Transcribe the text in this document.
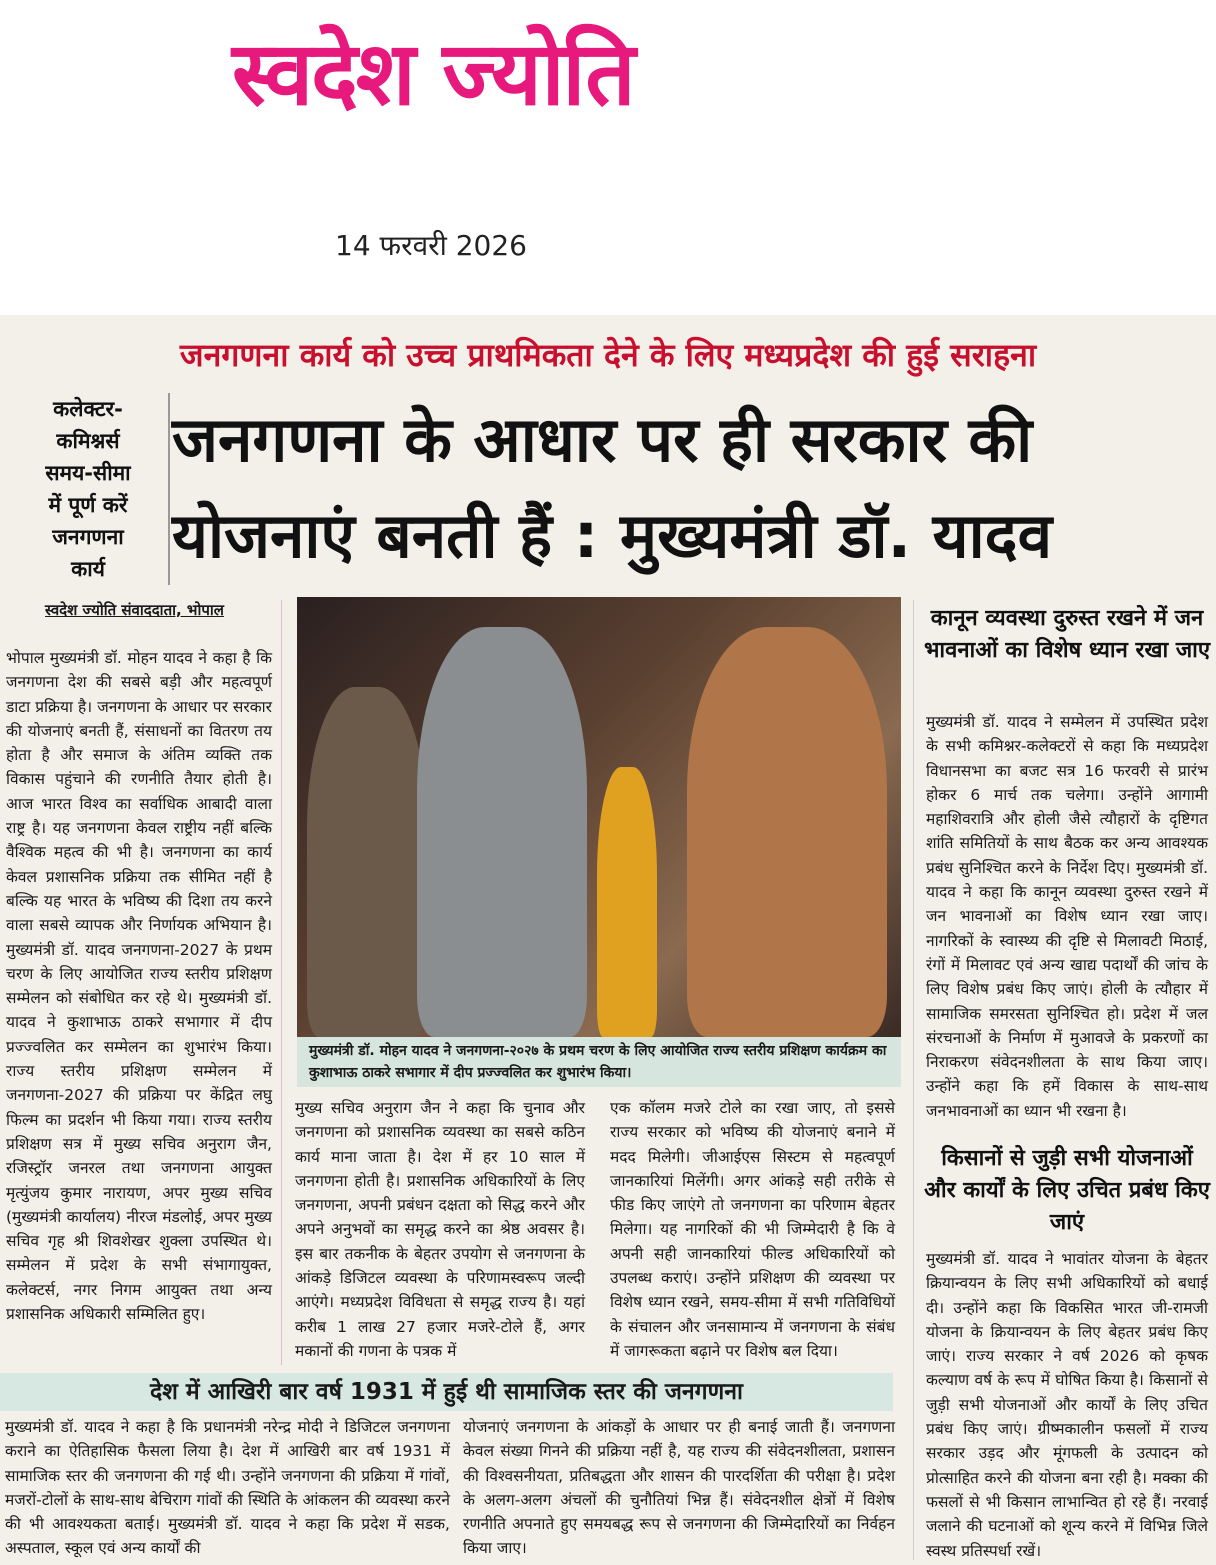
स्वदेश ज्योति
14 फरवरी 2026
जनगणना कार्य को उच्च प्राथमिकता देने के लिए मध्यप्रदेश की हुई सराहना
कलेक्टर-
कमिश्नर्स
समय-सीमा
में पूर्ण करें
जनगणना
कार्य
जनगणना के आधार पर ही सरकार की
योजनाएं बनती हैं : मुख्यमंत्री डॉ. यादव
स्वदेश ज्योति संवाददाता, भोपाल
भोपाल मुख्यमंत्री डॉ. मोहन यादव ने कहा है कि जनगणना देश की सबसे बड़ी और महत्वपूर्ण डाटा प्रक्रिया है। जनगणना के आधार पर सरकार की योजनाएं बनती हैं, संसाधनों का वितरण तय होता है और समाज के अंतिम व्यक्ति तक विकास पहुंचाने की रणनीति तैयार होती है। आज भारत विश्व का सर्वाधिक आबादी वाला राष्ट्र है। यह जनगणना केवल राष्ट्रीय नहीं बल्कि वैश्विक महत्व की भी है। जनगणना का कार्य केवल प्रशासनिक प्रक्रिया तक सीमित नहीं है बल्कि यह भारत के भविष्य की दिशा तय करने वाला सबसे व्यापक और निर्णायक अभियान है। मुख्यमंत्री डॉ. यादव जनगणना-2027 के प्रथम चरण के लिए आयोजित राज्य स्तरीय प्रशिक्षण सम्मेलन को संबोधित कर रहे थे। मुख्यमंत्री डॉ. यादव ने कुशाभाऊ ठाकरे सभागार में दीप प्रज्ज्वलित कर सम्मेलन का शुभारंभ किया। राज्य स्तरीय प्रशिक्षण सम्मेलन में जनगणना-2027 की प्रक्रिया पर केंद्रित लघु फिल्म का प्रदर्शन भी किया गया। राज्य स्तरीय प्रशिक्षण सत्र में मुख्य सचिव अनुराग जैन, रजिस्ट्रॉर जनरल तथा जनगणना आयुक्त मृत्युंजय कुमार नारायण, अपर मुख्य सचिव (मुख्यमंत्री कार्यालय) नीरज मंडलोई, अपर मुख्य सचिव गृह श्री शिवशेखर शुक्ला उपस्थित थे। सम्मेलन में प्रदेश के सभी संभागायुक्त, कलेक्टर्स, नगर निगम आयुक्त तथा अन्य प्रशासनिक अधिकारी सम्मिलित हुए।
मुख्यमंत्री डॉ. मोहन यादव ने जनगणना-२०२७ के प्रथम चरण के लिए आयोजित राज्य स्तरीय प्रशिक्षण कार्यक्रम का कुशाभाऊ ठाकरे सभागार में दीप प्रज्ज्वलित कर शुभारंभ किया।
मुख्य सचिव अनुराग जैन ने कहा कि चुनाव और जनगणना को प्रशासनिक व्यवस्था का सबसे कठिन कार्य माना जाता है। देश में हर 10 साल में जनगणना होती है। प्रशासनिक अधिकारियों के लिए जनगणना, अपनी प्रबंधन दक्षता को सिद्ध करने और अपने अनुभवों का समृद्ध करने का श्रेष्ठ अवसर है। इस बार तकनीक के बेहतर उपयोग से जनगणना के आंकड़े डिजिटल व्यवस्था के परिणामस्वरूप जल्दी आएंगे। मध्यप्रदेश विविधता से समृद्ध राज्य है। यहां करीब 1 लाख 27 हजार मजरे-टोले हैं, अगर मकानों की गणना के पत्रक में
एक कॉलम मजरे टोले का रखा जाए, तो इससे राज्य सरकार को भविष्य की योजनाएं बनाने में मदद मिलेगी। जीआईएस सिस्टम से महत्वपूर्ण जानकारियां मिलेंगी। अगर आंकड़े सही तरीके से फीड किए जाएंगे तो जनगणना का परिणाम बेहतर मिलेगा। यह नागरिकों की भी जिम्मेदारी है कि वे अपनी सही जानकारियां फील्ड अधिकारियों को उपलब्ध कराएं। उन्होंने प्रशिक्षण की व्यवस्था पर विशेष ध्यान रखने, समय-सीमा में सभी गतिविधियों के संचालन और जनसामान्य में जनगणना के संबंध में जागरूकता बढ़ाने पर विशेष बल दिया।
कानून व्यवस्था दुरुस्त रखने में जन भावनाओं का विशेष ध्यान रखा जाए
मुख्यमंत्री डॉ. यादव ने सम्मेलन में उपस्थित प्रदेश के सभी कमिश्नर-कलेक्टरों से कहा कि मध्यप्रदेश विधानसभा का बजट सत्र 16 फरवरी से प्रारंभ होकर 6 मार्च तक चलेगा। उन्होंने आगामी महाशिवरात्रि और होली जैसे त्यौहारों के दृष्टिगत शांति समितियों के साथ बैठक कर अन्य आवश्यक प्रबंध सुनिश्चित करने के निर्देश दिए। मुख्यमंत्री डॉ. यादव ने कहा कि कानून व्यवस्था दुरुस्त रखने में जन भावनाओं का विशेष ध्यान रखा जाए। नागरिकों के स्वास्थ्य की दृष्टि से मिलावटी मिठाई, रंगों में मिलावट एवं अन्य खाद्य पदार्थों की जांच के लिए विशेष प्रबंध किए जाएं। होली के त्यौहार में सामाजिक समरसता सुनिश्चित हो। प्रदेश में जल संरचनाओं के निर्माण में मुआवजे के प्रकरणों का निराकरण संवेदनशीलता के साथ किया जाए। उन्होंने कहा कि हमें विकास के साथ-साथ जनभावनाओं का ध्यान भी रखना है।
किसानों से जुड़ी सभी योजनाओं और कार्यों के लिए उचित प्रबंध किए जाएं
मुख्यमंत्री डॉ. यादव ने भावांतर योजना के बेहतर क्रियान्वयन के लिए सभी अधिकारियों को बधाई दी। उन्होंने कहा कि विकसित भारत जी-रामजी योजना के क्रियान्वयन के लिए बेहतर प्रबंध किए जाएं। राज्य सरकार ने वर्ष 2026 को कृषक कल्याण वर्ष के रूप में घोषित किया है। किसानों से जुड़ी सभी योजनाओं और कार्यों के लिए उचित प्रबंध किए जाएं। ग्रीष्मकालीन फसलों में राज्य सरकार उड़द और मूंगफली के उत्पादन को प्रोत्साहित करने की योजना बना रही है। मक्का की फसलों से भी किसान लाभान्वित हो रहे हैं। नरवाई जलाने की घटनाओं को शून्य करने में विभिन्न जिले स्वस्थ प्रतिस्पर्धा रखें।
देश में आखिरी बार वर्ष 1931 में हुई थी सामाजिक स्तर की जनगणना
मुख्यमंत्री डॉ. यादव ने कहा है कि प्रधानमंत्री नरेन्द्र मोदी ने डिजिटल जनगणना कराने का ऐतिहासिक फैसला लिया है। देश में आखिरी बार वर्ष 1931 में सामाजिक स्तर की जनगणना की गई थी। उन्होंने जनगणना की प्रक्रिया में गांवों, मजरों-टोलों के साथ-साथ बेचिराग गांवों की स्थिति के आंकलन की व्यवस्था करने की भी आवश्यकता बताई। मुख्यमंत्री डॉ. यादव ने कहा कि प्रदेश में सडक, अस्पताल, स्कूल एवं अन्य कार्यों की
योजनाएं जनगणना के आंकड़ों के आधार पर ही बनाई जाती हैं। जनगणना केवल संख्या गिनने की प्रक्रिया नहीं है, यह राज्य की संवेदनशीलता, प्रशासन की विश्वसनीयता, प्रतिबद्धता और शासन की पारदर्शिता की परीक्षा है। प्रदेश के अलग-अलग अंचलों की चुनौतियां भिन्न हैं। संवेदनशील क्षेत्रों में विशेष रणनीति अपनाते हुए समयबद्ध रूप से जनगणना की जिम्मेदारियों का निर्वहन किया जाए।
